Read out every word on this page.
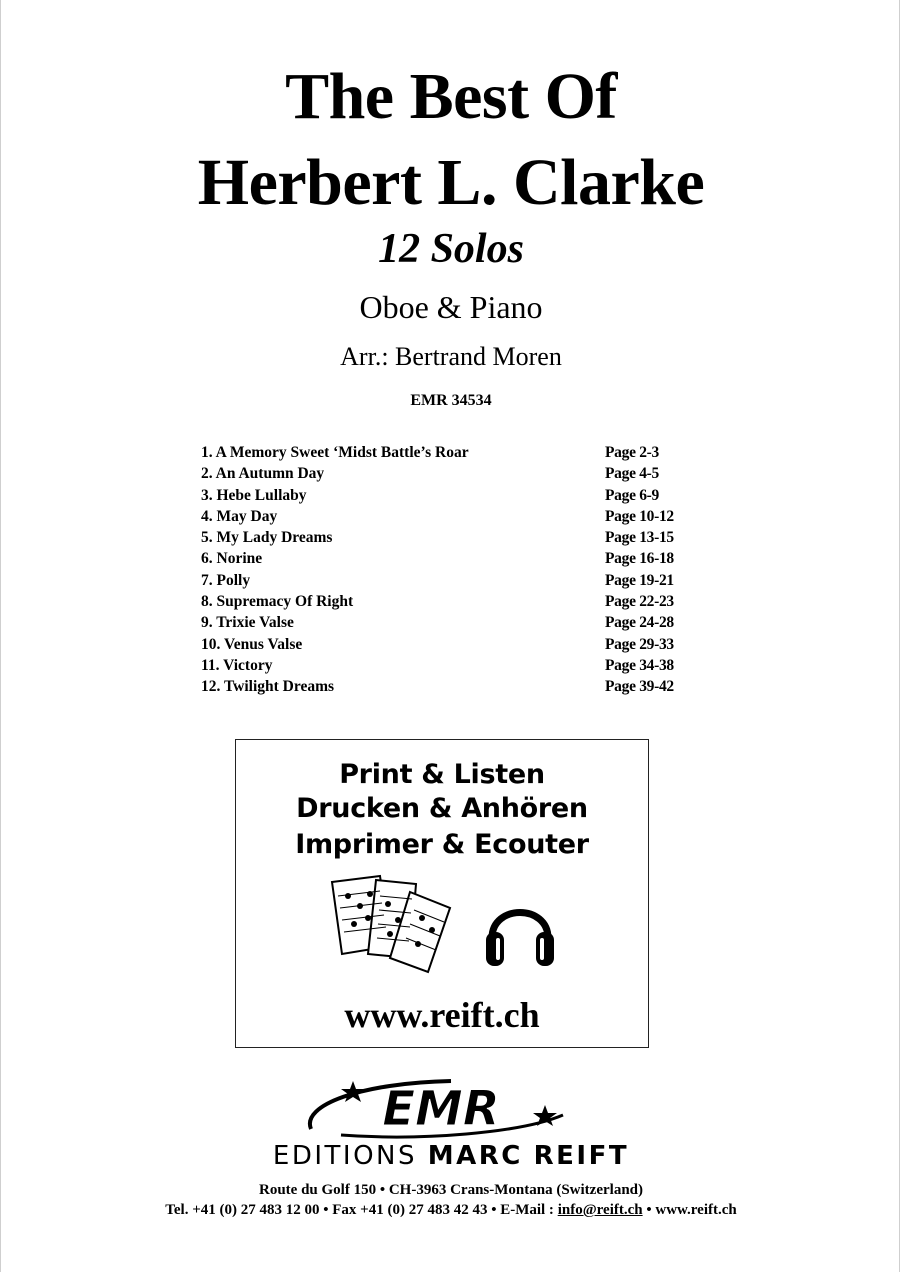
The Best Of
Herbert L. Clarke
12 Solos
Oboe & Piano
Arr.: Bertrand Moren
EMR 34534
1. A Memory Sweet ‘Midst Battle’s Roar	Page 2-3
2. An Autumn Day	Page 4-5
3. Hebe Lullaby	Page 6-9
4. May Day	Page 10-12
5. My Lady Dreams	Page 13-15
6. Norine	Page 16-18
7. Polly	Page 19-21
8. Supremacy Of Right	Page 22-23
9. Trixie Valse	Page 24-28
10. Venus Valse	Page 29-33
11. Victory	Page 34-38
12. Twilight Dreams	Page 39-42
Print & Listen
Drucken & Anhören
Imprimer & Ecouter
www.reift.ch
EMR
EDITIONS MARC REIFT
Route du Golf 150 • CH-3963 Crans-Montana (Switzerland)
Tel. +41 (0) 27 483 12 00 • Fax +41 (0) 27 483 42 43 • E-Mail : info@reift.ch • www.reift.ch
